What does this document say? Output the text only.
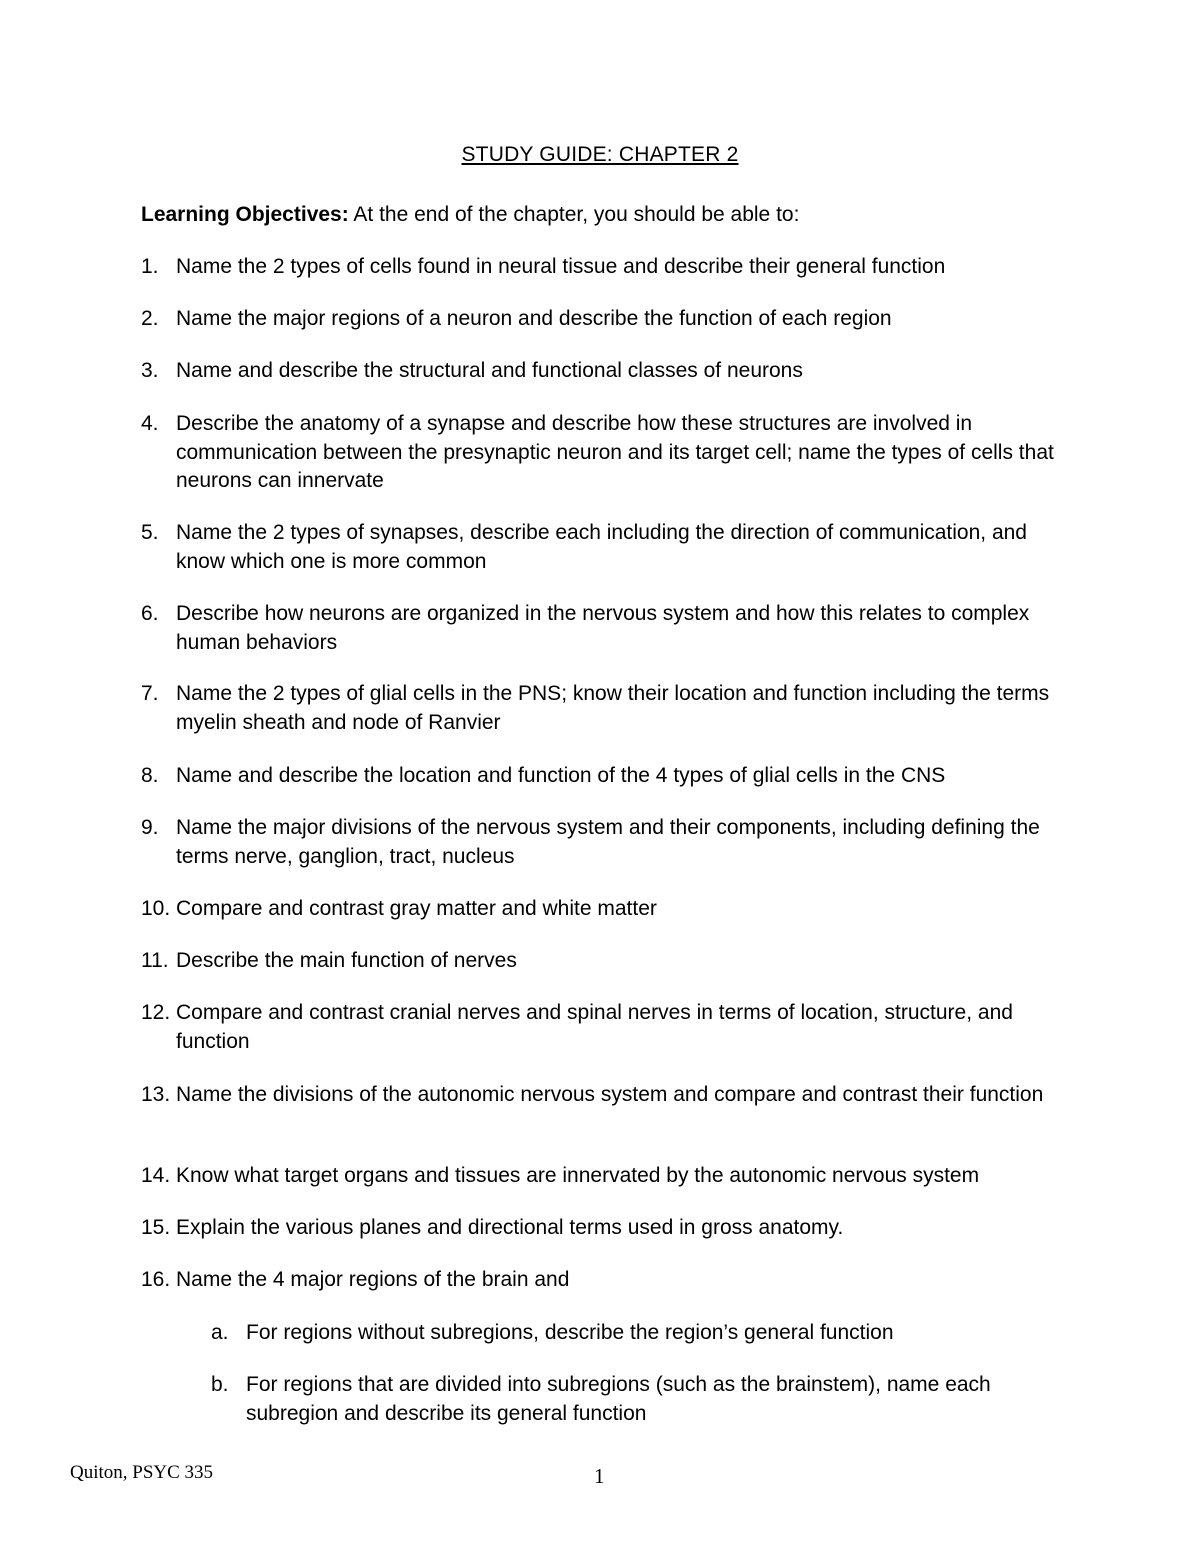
STUDY GUIDE: CHAPTER 2
Learning Objectives: At the end of the chapter, you should be able to:
1. Name the 2 types of cells found in neural tissue and describe their general function
2. Name the major regions of a neuron and describe the function of each region
3. Name and describe the structural and functional classes of neurons
4. Describe the anatomy of a synapse and describe how these structures are involved in communication between the presynaptic neuron and its target cell; name the types of cells that neurons can innervate
5. Name the 2 types of synapses, describe each including the direction of communication, and know which one is more common
6. Describe how neurons are organized in the nervous system and how this relates to complex human behaviors
7. Name the 2 types of glial cells in the PNS; know their location and function including the terms myelin sheath and node of Ranvier
8. Name and describe the location and function of the 4 types of glial cells in the CNS
9. Name the major divisions of the nervous system and their components, including defining the terms nerve, ganglion, tract, nucleus
10. Compare and contrast gray matter and white matter
11. Describe the main function of nerves
12. Compare and contrast cranial nerves and spinal nerves in terms of location, structure, and function
13. Name the divisions of the autonomic nervous system and compare and contrast their function
14. Know what target organs and tissues are innervated by the autonomic nervous system
15. Explain the various planes and directional terms used in gross anatomy.
16. Name the 4 major regions of the brain and
a. For regions without subregions, describe the region’s general function
b. For regions that are divided into subregions (such as the brainstem), name each subregion and describe its general function
Quiton, PSYC 335	1
